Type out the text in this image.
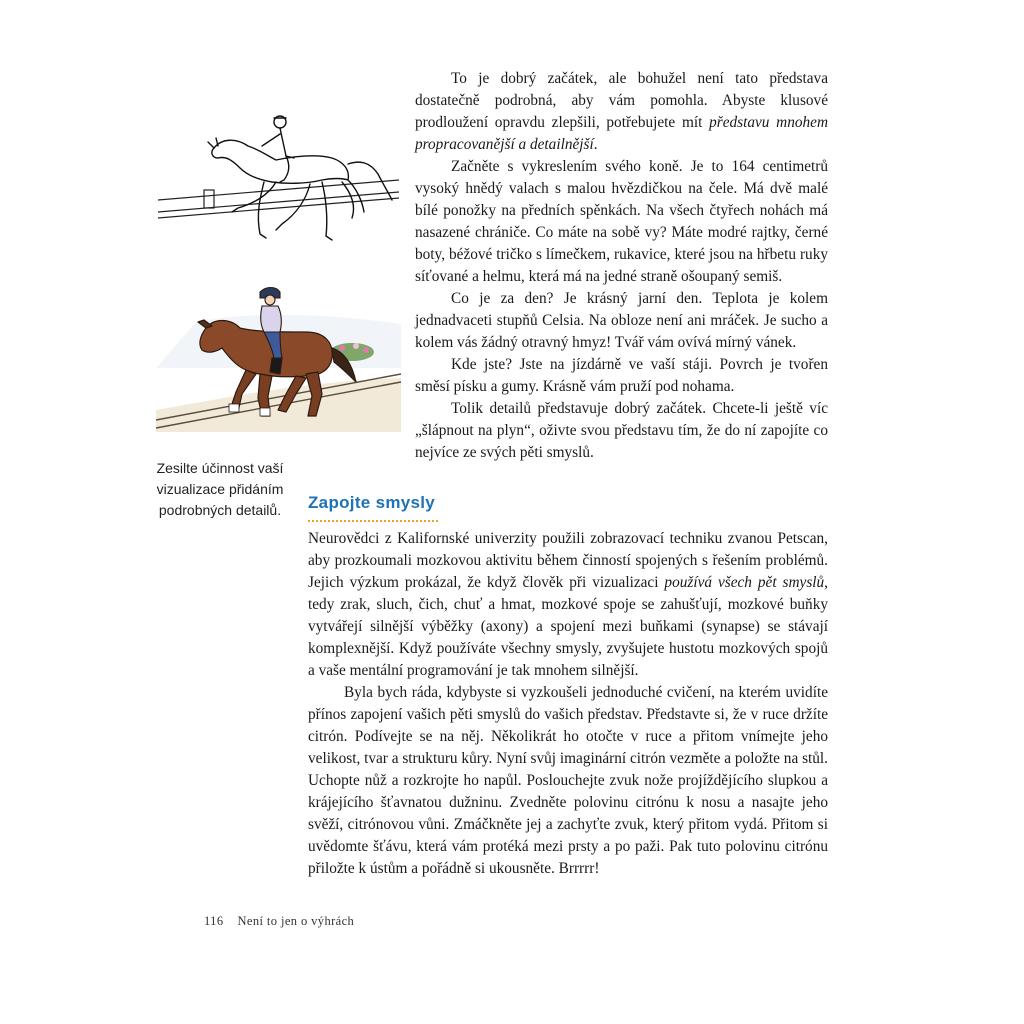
Zesilte účinnost vaší vizualizace přidáním podrobných detailů.

To je dobrý začátek, ale bohužel není tato představa dostatečně podrobná, aby vám pomohla. Abyste klusové prodloužení opravdu zlepšili, potřebujete mít představu mnohem propracovanější a detailnější.

Začněte s vykreslením svého koně. Je to 164 centimetrů vysoký hnědý valach s malou hvězdičkou na čele. Má dvě malé bílé ponožky na předních spěnkách. Na všech čtyřech nohách má nasazené chrániče. Co máte na sobě vy? Máte modré rajtky, černé boty, béžové tričko s límečkem, rukavice, které jsou na hřbetu ruky síťované a helmu, která má na jedné straně ošoupaný semiš.

Co je za den? Je krásný jarní den. Teplota je kolem jednadvaceti stupňů Celsia. Na obloze není ani mráček. Je sucho a kolem vás žádný otravný hmyz! Tvář vám ovívá mírný vánek.

Kde jste? Jste na jízdárně ve vaší stáji. Povrch je tvořen směsí písku a gumy. Krásně vám pruží pod nohama.

Tolik detailů představuje dobrý začátek. Chcete-li ještě víc „šlápnout na plyn“, oživte svou představu tím, že do ní zapojíte co nejvíce ze svých pěti smyslů.

Zapojte smysly

Neurovědci z Kalifornské univerzity použili zobrazovací techniku zvanou Petscan, aby prozkoumali mozkovou aktivitu během činností spojených s řešením problémů. Jejich výzkum prokázal, že když člověk při vizualizaci používá všech pět smyslů, tedy zrak, sluch, čich, chuť a hmat, mozkové spoje se zahušťují, mozkové buňky vytvářejí silnější výběžky (axony) a spojení mezi buňkami (synapse) se stávají komplexnější. Když používáte všechny smysly, zvyšujete hustotu mozkových spojů a vaše mentální programování je tak mnohem silnější.

Byla bych ráda, kdybyste si vyzkoušeli jednoduché cvičení, na kterém uvidíte přínos zapojení vašich pěti smyslů do vašich představ. Představte si, že v ruce držíte citrón. Podívejte se na něj. Několikrát ho otočte v ruce a přitom vnímejte jeho velikost, tvar a strukturu kůry. Nyní svůj imaginární citrón vezměte a položte na stůl. Uchopte nůž a rozkrojte ho napůl. Poslouchejte zvuk nože projíždějícího slupkou a krájejícího šťavnatou dužninu. Zvedněte polovinu citrónu k nosu a nasajte jeho svěží, citrónovou vůni. Zmáčkněte jej a zachyťte zvuk, který přitom vydá. Přitom si uvědomte šťávu, která vám protéká mezi prsty a po paži. Pak tuto polovinu citrónu přiložte k ústům a pořádně si ukousněte. Brrrrr!

116 Není to jen o výhrách
